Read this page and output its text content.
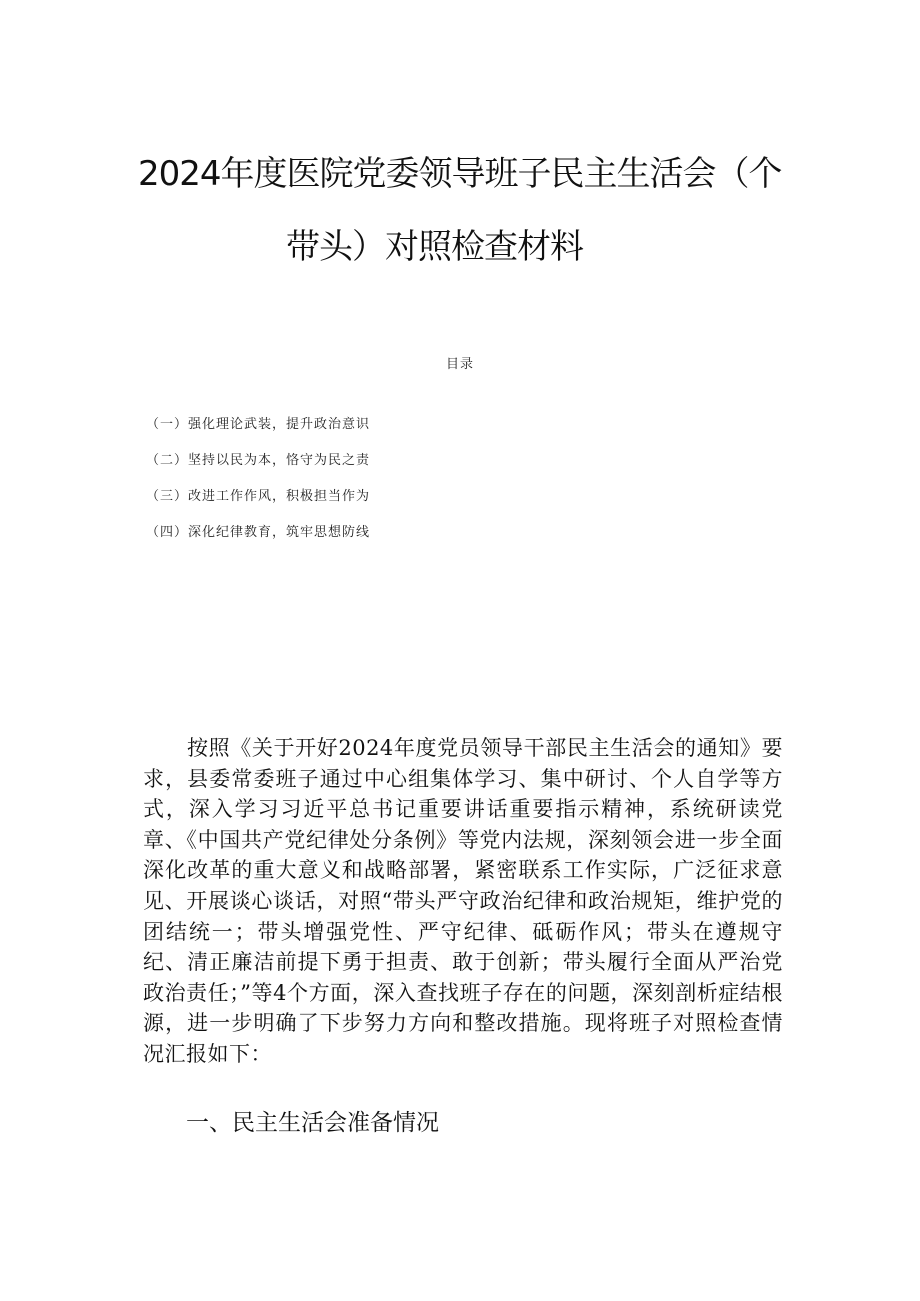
2024年度医院党委领导班子民主生活会（个
带头）对照检查材料
目录
（一）强化理论武装，提升政治意识
（二）坚持以民为本，恪守为民之责
（三）改进工作作风，积极担当作为
（四）深化纪律教育，筑牢思想防线

按照《关于开好2024年度党员领导干部民主生活会的通知》要求，县委常委班子通过中心组集体学习、集中研讨、个人自学等方式，深入学习习近平总书记重要讲话重要指示精神，系统研读党章、《中国共产党纪律处分条例》等党内法规，深刻领会进一步全面深化改革的重大意义和战略部署，紧密联系工作实际，广泛征求意见、开展谈心谈话，对照“带头严守政治纪律和政治规矩，维护党的团结统一；带头增强党性、严守纪律、砥砺作风；带头在遵规守纪、清正廉洁前提下勇于担责、敢于创新；带头履行全面从严治党政治责任；”等4个方面，深入查找班子存在的问题，深刻剖析症结根源，进一步明确了下步努力方向和整改措施。现将班子对照检查情况汇报如下：

一、民主生活会准备情况
